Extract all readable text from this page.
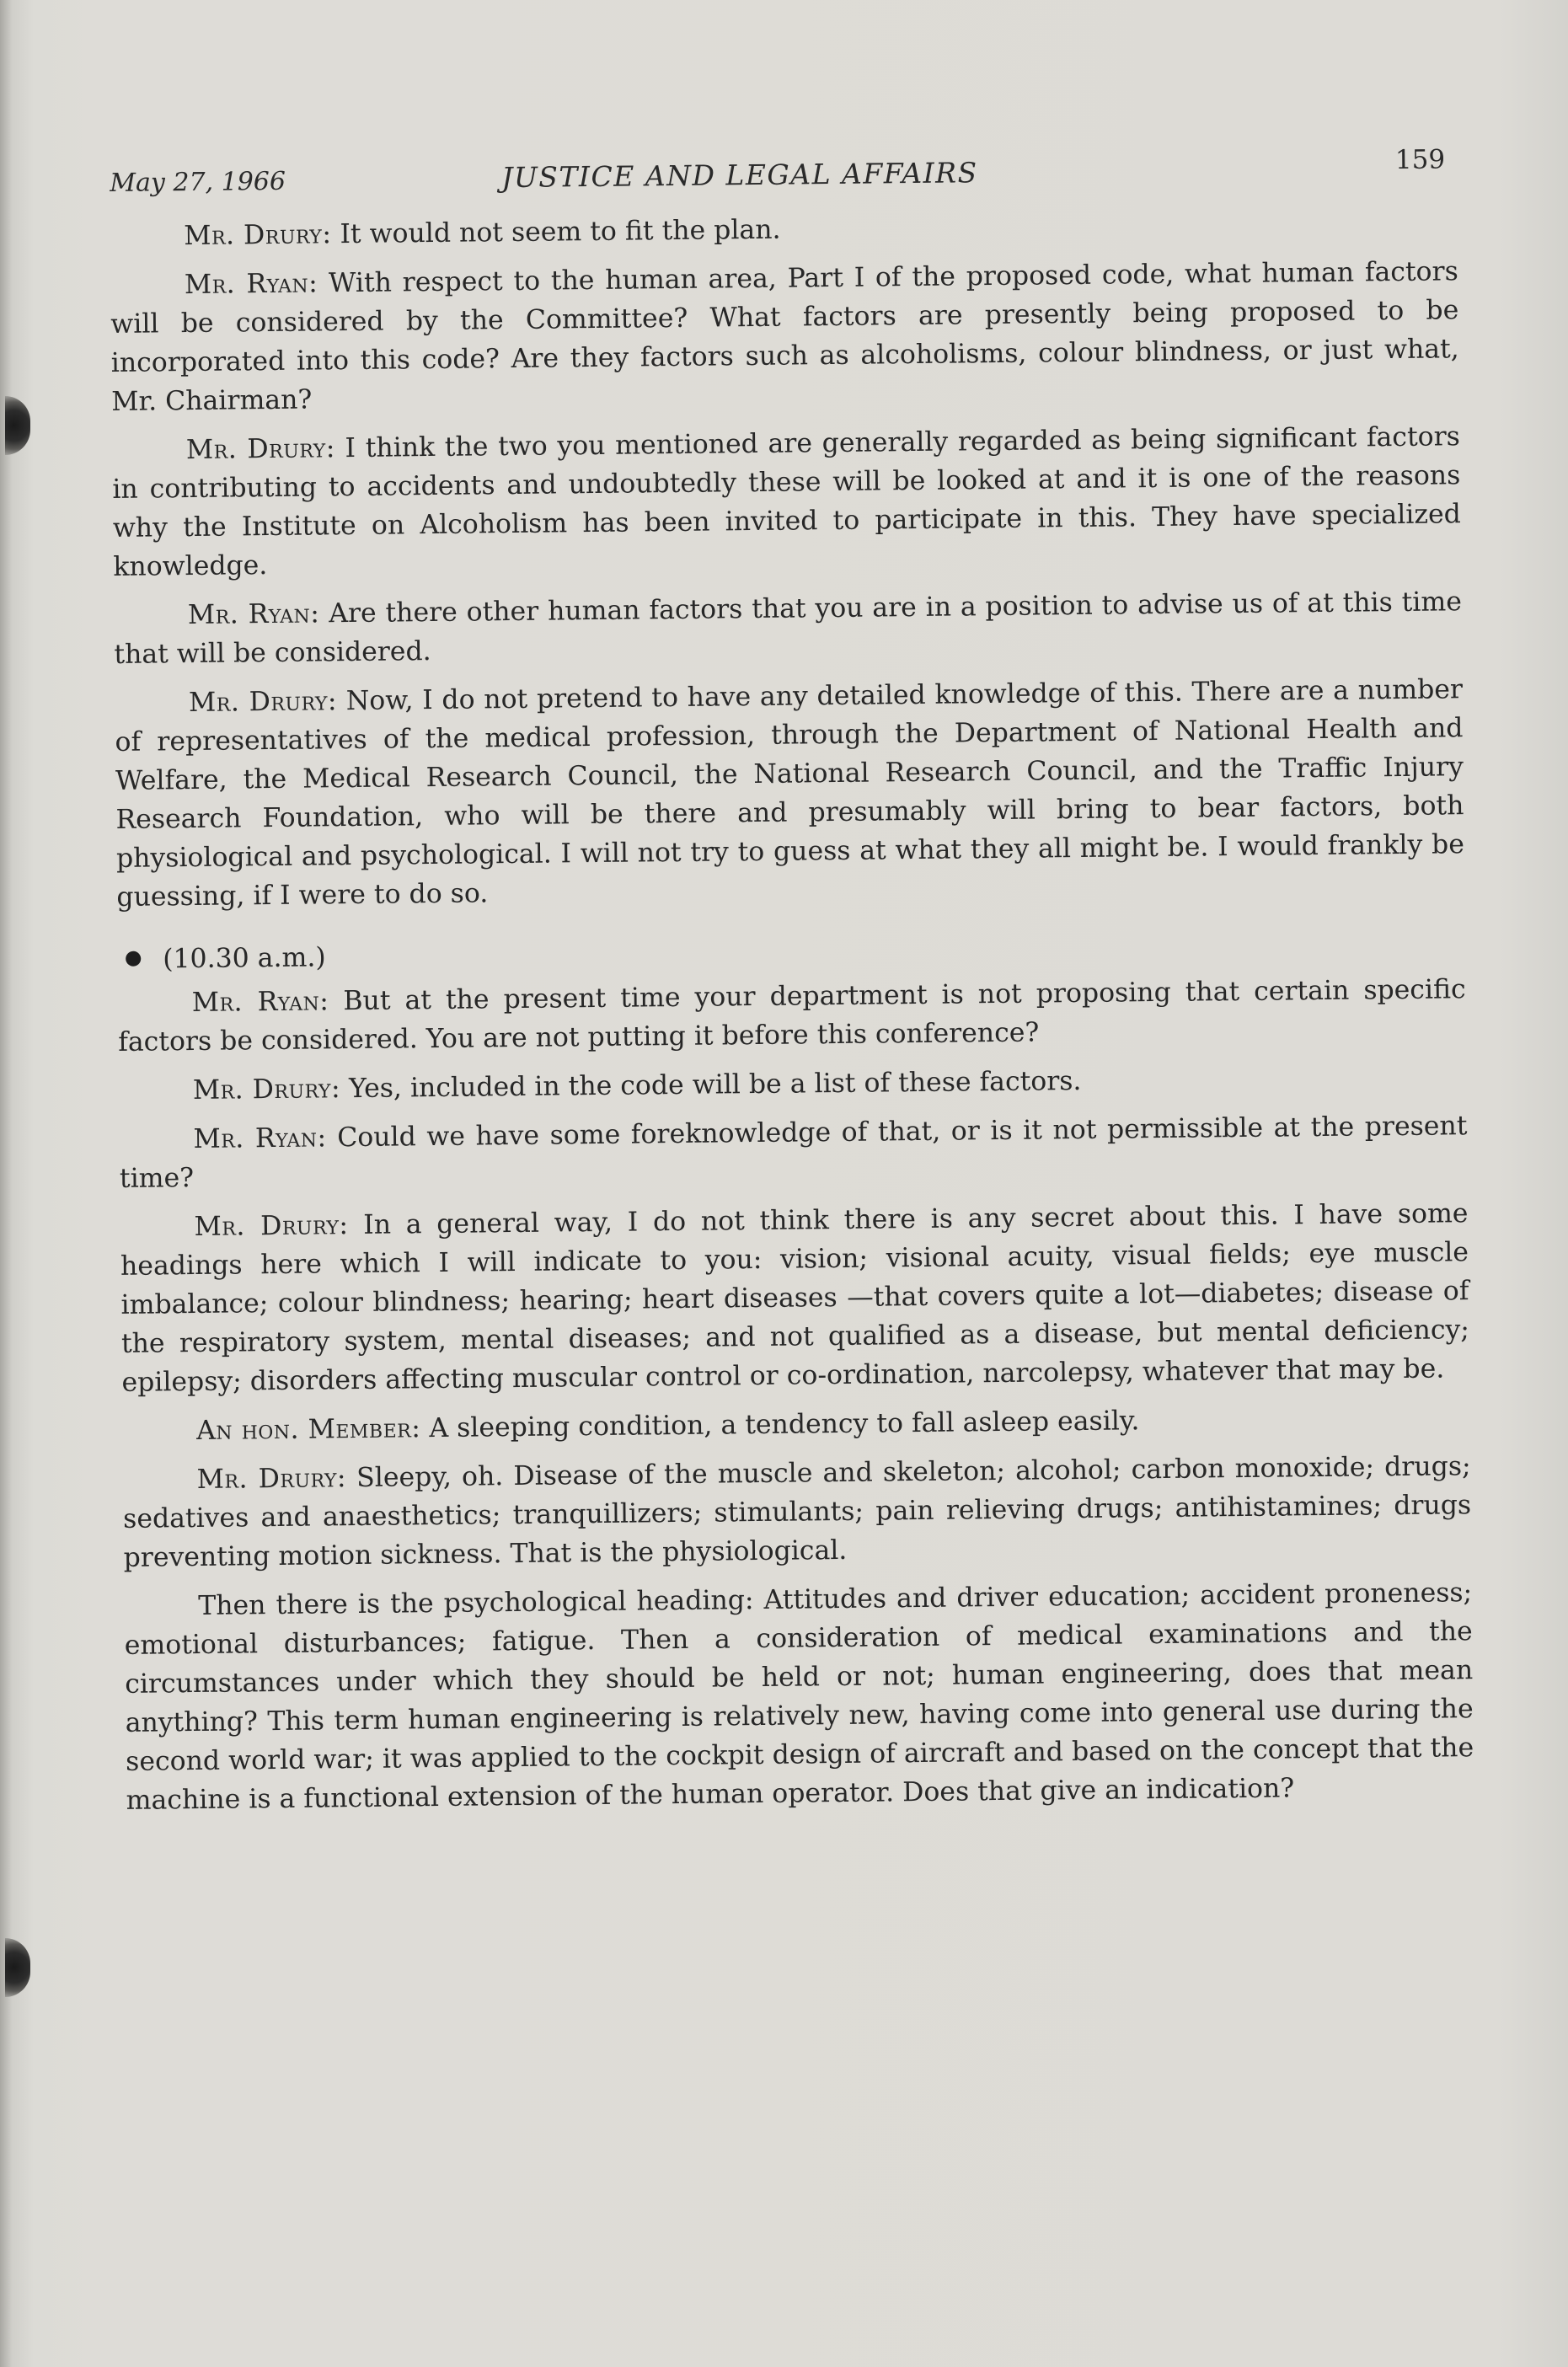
May 27, 1966	JUSTICE AND LEGAL AFFAIRS	159

Mr. Drury: It would not seem to fit the plan.

Mr. Ryan: With respect to the human area, Part I of the proposed code, what human factors will be considered by the Committee? What factors are presently being proposed to be incorporated into this code? Are they factors such as alcoholisms, colour blindness, or just what, Mr. Chairman?

Mr. Drury: I think the two you mentioned are generally regarded as being significant factors in contributing to accidents and undoubtedly these will be looked at and it is one of the reasons why the Institute on Alcoholism has been invited to participate in this. They have specialized knowledge.

Mr. Ryan: Are there other human factors that you are in a position to advise us of at this time that will be considered.

Mr. Drury: Now, I do not pretend to have any detailed knowledge of this. There are a number of representatives of the medical profession, through the Department of National Health and Welfare, the Medical Research Council, the National Research Council, and the Traffic Injury Research Foundation, who will be there and presumably will bring to bear factors, both physiological and psychological. I will not try to guess at what they all might be. I would frankly be guessing, if I were to do so.

(10.30 a.m.)

Mr. Ryan: But at the present time your department is not proposing that certain specific factors be considered. You are not putting it before this conference?

Mr. Drury: Yes, included in the code will be a list of these factors.

Mr. Ryan: Could we have some foreknowledge of that, or is it not permissible at the present time?

Mr. Drury: In a general way, I do not think there is any secret about this. I have some headings here which I will indicate to you: vision; visional acuity, visual fields; eye muscle imbalance; colour blindness; hearing; heart diseases —that covers quite a lot—diabetes; disease of the respiratory system, mental diseases; and not qualified as a disease, but mental deficiency; epilepsy; disorders affecting muscular control or co-ordination, narcolepsy, whatever that may be.

An hon. Member: A sleeping condition, a tendency to fall asleep easily.

Mr. Drury: Sleepy, oh. Disease of the muscle and skeleton; alcohol; carbon monoxide; drugs; sedatives and anaesthetics; tranquillizers; stimulants; pain relieving drugs; antihistamines; drugs preventing motion sickness. That is the physiological.

Then there is the psychological heading: Attitudes and driver education; accident proneness; emotional disturbances; fatigue. Then a consideration of medical examinations and the circumstances under which they should be held or not; human engineering, does that mean anything? This term human engineering is relatively new, having come into general use during the second world war; it was applied to the cockpit design of aircraft and based on the concept that the machine is a functional extension of the human operator. Does that give an indication?
